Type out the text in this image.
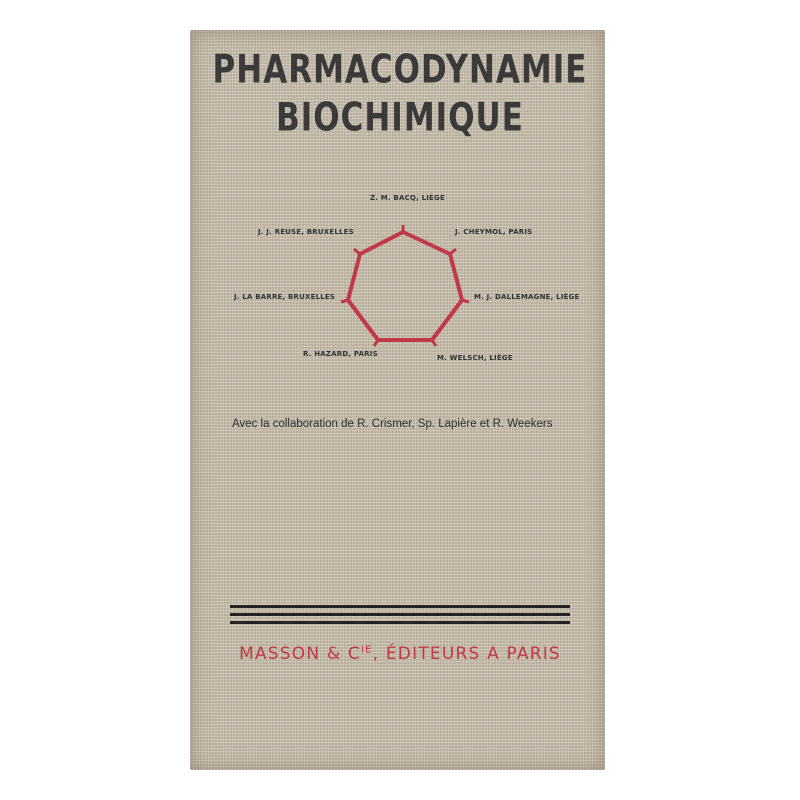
PHARMACODYNAMIE
BIOCHIMIQUE
Z. M. BACQ, LIÈGE
J. J. REUSE, BRUXELLES	J. CHEYMOL, PARIS
J. LA BARRE, BRUXELLES	M. J. DALLEMAGNE, LIÈGE
R. HAZARD, PARIS	M. WELSCH, LIÈGE
Avec la collaboration de R. Crismer, Sp. Lapière et R. Weekers
MASSON & $C^{IE}$, ÉDITEURS A PARIS
